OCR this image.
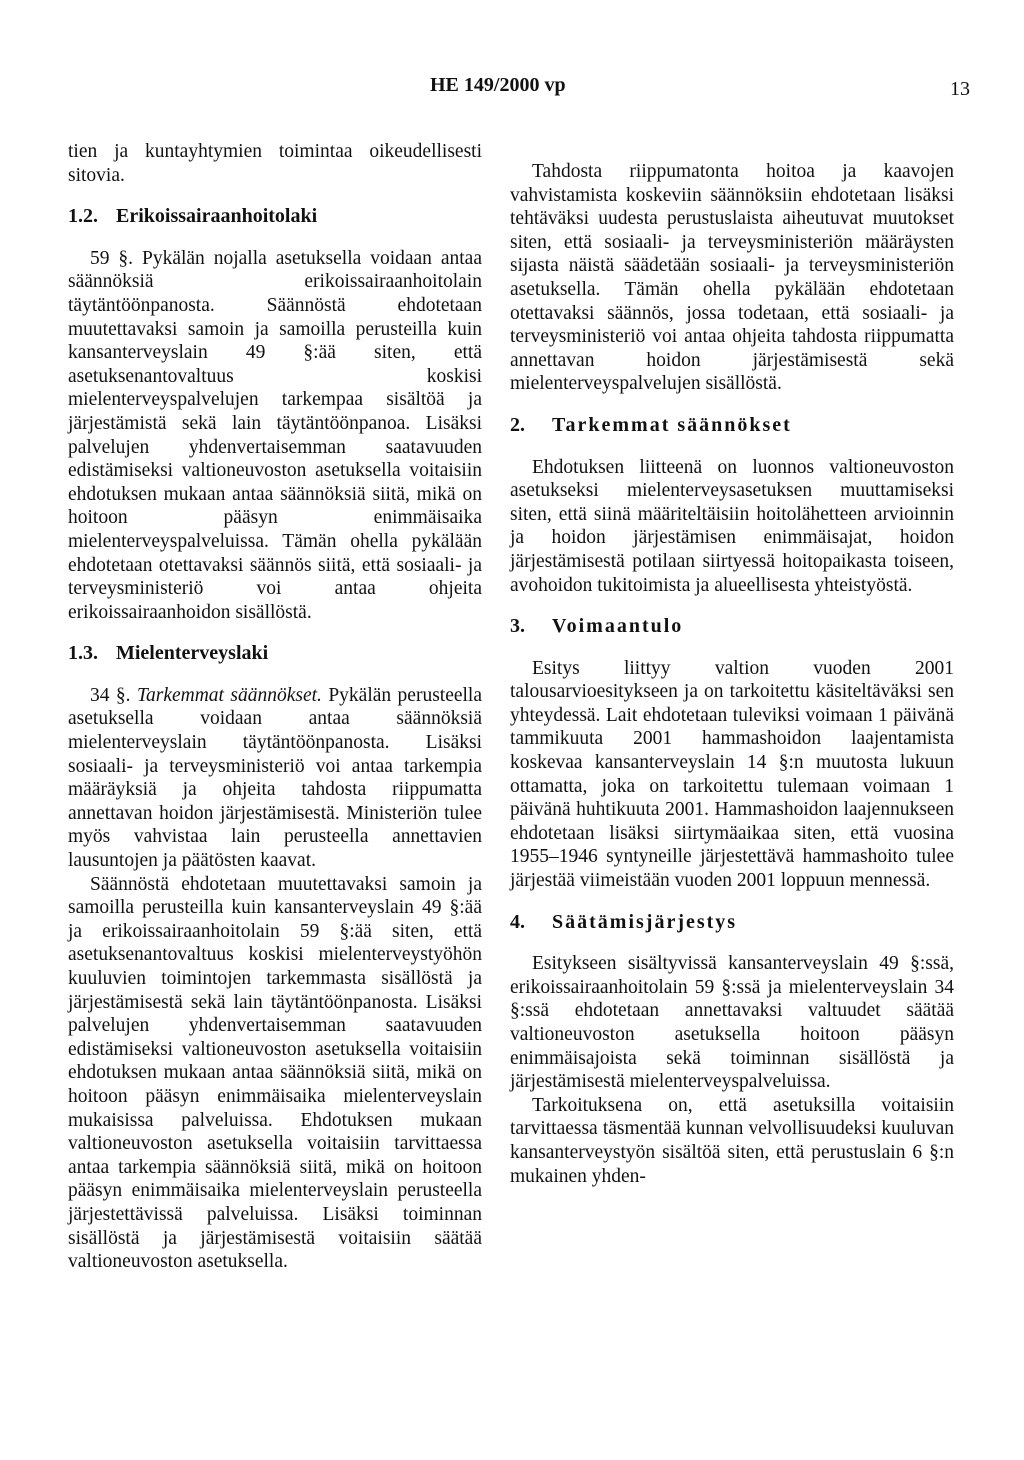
HE 149/2000 vp	13

tien ja kuntayhtymien toimintaa oikeudellisesti sitovia.

1.2. Erikoissairaanhoitolaki

59 §. Pykälän nojalla asetuksella voidaan antaa säännöksiä erikoissairaanhoitolain täytäntöönpanosta. Säännöstä ehdotetaan muutettavaksi samoin ja samoilla perusteilla kuin kansanterveyslain 49 §:ää siten, että asetuksenantovaltuus koskisi mielenterveyspalvelujen tarkempaa sisältöä ja järjestämistä sekä lain täytäntöönpanoa. Lisäksi palvelujen yhdenvertaisemman saatavuuden edistämiseksi valtioneuvoston asetuksella voitaisiin ehdotuksen mukaan antaa säännöksiä siitä, mikä on hoitoon pääsyn enimmäisaika mielenterveyspalveluissa. Tämän ohella pykälään ehdotetaan otettavaksi säännös siitä, että sosiaali- ja terveysministeriö voi antaa ohjeita erikoissairaanhoidon sisällöstä.

1.3. Mielenterveyslaki

34 §. Tarkemmat säännökset. Pykälän perusteella asetuksella voidaan antaa säännöksiä mielenterveyslain täytäntöönpanosta. Lisäksi sosiaali- ja terveysministeriö voi antaa tarkempia määräyksiä ja ohjeita tahdosta riippumatta annettavan hoidon järjestämisestä. Ministeriön tulee myös vahvistaa lain perusteella annettavien lausuntojen ja päätösten kaavat.

Säännöstä ehdotetaan muutettavaksi samoin ja samoilla perusteilla kuin kansanterveyslain 49 §:ää ja erikoissairaanhoitolain 59 §:ää siten, että asetuksenantovaltuus koskisi mielenterveystyöhön kuuluvien toimintojen tarkemmasta sisällöstä ja järjestämisestä sekä lain täytäntöönpanosta. Lisäksi palvelujen yhdenvertaisemman saatavuuden edistämiseksi valtioneuvoston asetuksella voitaisiin ehdotuksen mukaan antaa säännöksiä siitä, mikä on hoitoon pääsyn enimmäisaika mielenterveyslain mukaisissa palveluissa. Ehdotuksen mukaan valtioneuvoston asetuksella voitaisiin tarvittaessa antaa tarkempia säännöksiä siitä, mikä on hoitoon pääsyn enimmäisaika mielenterveyslain perusteella järjestettävissä palveluissa. Lisäksi toiminnan sisällöstä ja järjestämisestä voitaisiin säätää valtioneuvoston asetuksella.

Tahdosta riippumatonta hoitoa ja kaavojen vahvistamista koskeviin säännöksiin ehdotetaan lisäksi tehtäväksi uudesta perustuslaista aiheutuvat muutokset siten, että sosiaali- ja terveysministeriön määräysten sijasta näistä säädetään sosiaali- ja terveysministeriön asetuksella. Tämän ohella pykälään ehdotetaan otettavaksi säännös, jossa todetaan, että sosiaali- ja terveysministeriö voi antaa ohjeita tahdosta riippumatta annettavan hoidon järjestämisestä sekä mielenterveyspalvelujen sisällöstä.

2. Tarkemmat säännökset

Ehdotuksen liitteenä on luonnos valtioneuvoston asetukseksi mielenterveysasetuksen muuttamiseksi siten, että siinä määriteltäisiin hoitolähetteen arvioinnin ja hoidon järjestämisen enimmäisajat, hoidon järjestämisestä potilaan siirtyessä hoitopaikasta toiseen, avohoidon tukitoimista ja alueellisesta yhteistyöstä.

3. Voimaantulo

Esitys liittyy valtion vuoden 2001 talousarvioesitykseen ja on tarkoitettu käsiteltäväksi sen yhteydessä. Lait ehdotetaan tuleviksi voimaan 1 päivänä tammikuuta 2001 hammashoidon laajentamista koskevaa kansanterveyslain 14 §:n muutosta lukuun ottamatta, joka on tarkoitettu tulemaan voimaan 1 päivänä huhtikuuta 2001. Hammashoidon laajennukseen ehdotetaan lisäksi siirtymäaikaa siten, että vuosina 1955–1946 syntyneille järjestettävä hammashoito tulee järjestää viimeistään vuoden 2001 loppuun mennessä.

4. Säätämisjärjestys

Esitykseen sisältyvissä kansanterveyslain 49 §:ssä, erikoissairaanhoitolain 59 §:ssä ja mielenterveyslain 34 §:ssä ehdotetaan annettavaksi valtuudet säätää valtioneuvoston asetuksella hoitoon pääsyn enimmäisajoista sekä toiminnan sisällöstä ja järjestämisestä mielenterveyspalveluissa.

Tarkoituksena on, että asetuksilla voitaisiin tarvittaessa täsmentää kunnan velvollisuudeksi kuuluvan kansanterveystyön sisältöä siten, että perustuslain 6 §:n mukainen yhden-
